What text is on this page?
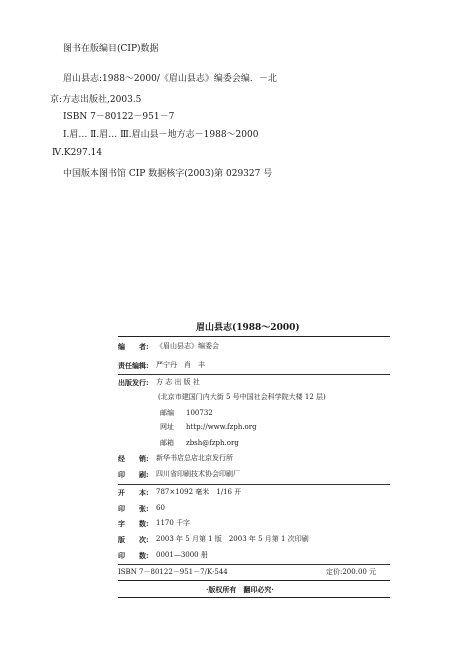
图书在版编目(CIP)数据
眉山县志:1988～2000/《眉山县志》编委会编．－北
京:方志出版社,2003.5
ISBN 7－80122－951－7
Ⅰ.眉… Ⅱ.眉… Ⅲ.眉山县－地方志－1988～2000
Ⅳ.K297.14
中国版本图书馆 CIP 数据核字(2003)第 029327 号
眉山县志(1988～2000)
编　　者: 《眉山县志》编委会
责任编辑: 严宁丹　肖　丰
出版发行: 方 志 出 版 社
(北京市建国门内大街 5 号中国社会科学院大楼 12 层)
邮编 100732
网址 http://www.fzph.org
邮箱 zbsh@fzph.org
经　　销: 新华书店总店北京发行所
印　　刷: 四川省印刷技术协会印刷厂
开　　本: 787×1092 毫米　1/16 开
印　　张: 60
字　　数: 1170 千字
版　　次: 2003 年 5 月第 1 版　2003 年 5 月第 1 次印刷
印　　数: 0001—3000 册
ISBN 7－80122－951－7/K·544	定价:200.00 元
·版权所有　翻印必究·
